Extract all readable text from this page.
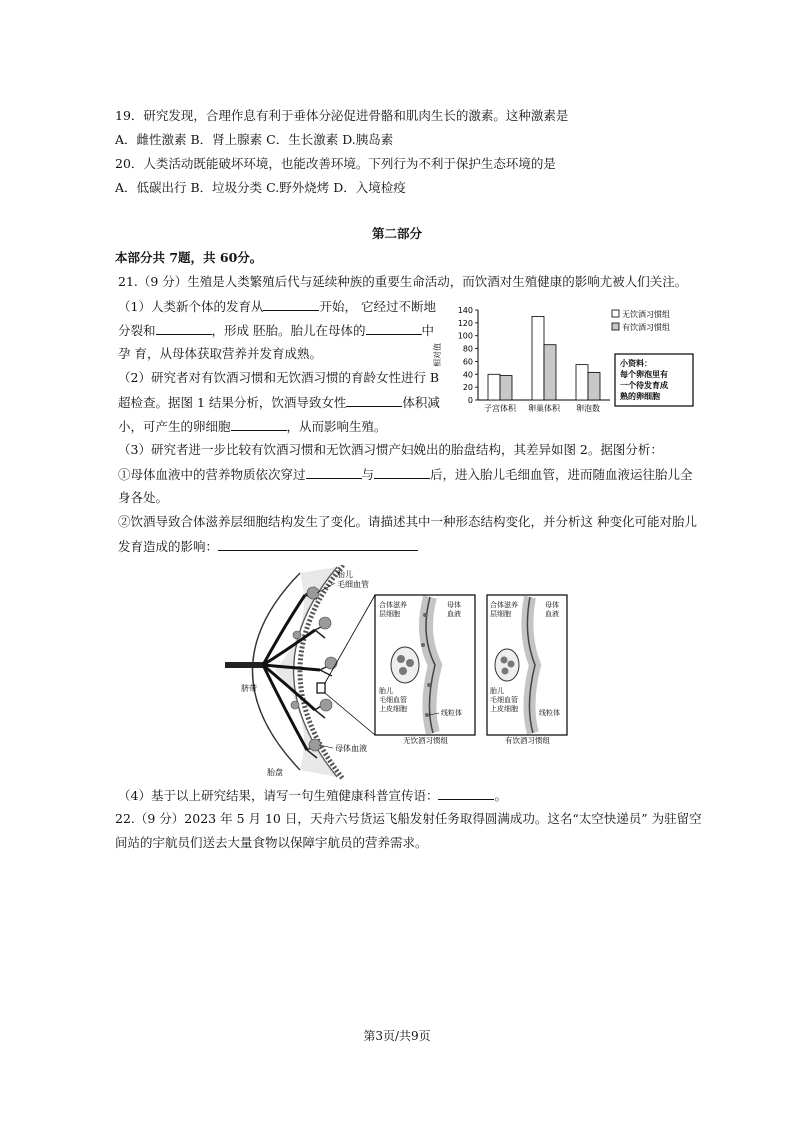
19．研究发现，合理作息有利于垂体分泌促进骨骼和肌肉生长的激素。这种激素是
A．雌性激素 B．肾上腺素 C．生长激素 D.胰岛素
20．人类活动既能破坏环境，也能改善环境。下列行为不利于保护生态环境的是
A．低碳出行 B．垃圾分类 C.野外烧烤 D．入境检疫
第二部分
本部分共 7题，共 60分。
21.（9 分）生殖是人类繁殖后代与延续种族的重要生命活动，而饮酒对生殖健康的影响尤被人们关注。
（1）人类新个体的发育从	开始， 它经过不断地
分裂和	，形成 胚胎。胎儿在母体的	中
孕 育，从母体获取营养并发育成熟。
（2）研究者对有饮酒习惯和无饮酒习惯的育龄女性进行 B
超检查。据图 1 结果分析，饮酒导致女性	体积减
小，可产生的卵细胞	，从而影响生殖。
0
20
40
60
80
100
120
140
相对值
子宫体积 卵巢体积 卵泡数
无饮酒习惯组
有饮酒习惯组
小资料：
每个卵泡里有
一个待发育成
熟的卵细胞
（3）研究者进一步比较有饮酒习惯和无饮酒习惯产妇娩出的胎盘结构，其差异如图 2。据图分析：
①母体血液中的营养物质依次穿过	与	后，进入胎儿毛细血管，进而随血液运往胎儿全
身各处。
②饮酒导致合体滋养层细胞结构发生了变化。请描述其中一种形态结构变化，并分析这 种变化可能对胎儿
发育造成的影响：
胎儿
毛细血管
脐带
母体血液
胎盘
合体滋养
层细胞
母体
血液
胎儿
毛细血管
上皮细胞	线粒体
无饮酒习惯组
合体滋养
层细胞
母体
血液
胎儿
毛细血管
上皮细胞	线粒体
有饮酒习惯组
（4）基于以上研究结果，请写一句生殖健康科普宣传语：	。
22.（9 分）2023 年 5 月 10 日，天舟六号货运飞船发射任务取得圆满成功。这名“太空快递员” 为驻留空
间站的宇航员们送去大量食物以保障宇航员的营养需求。
第3页/共9页
